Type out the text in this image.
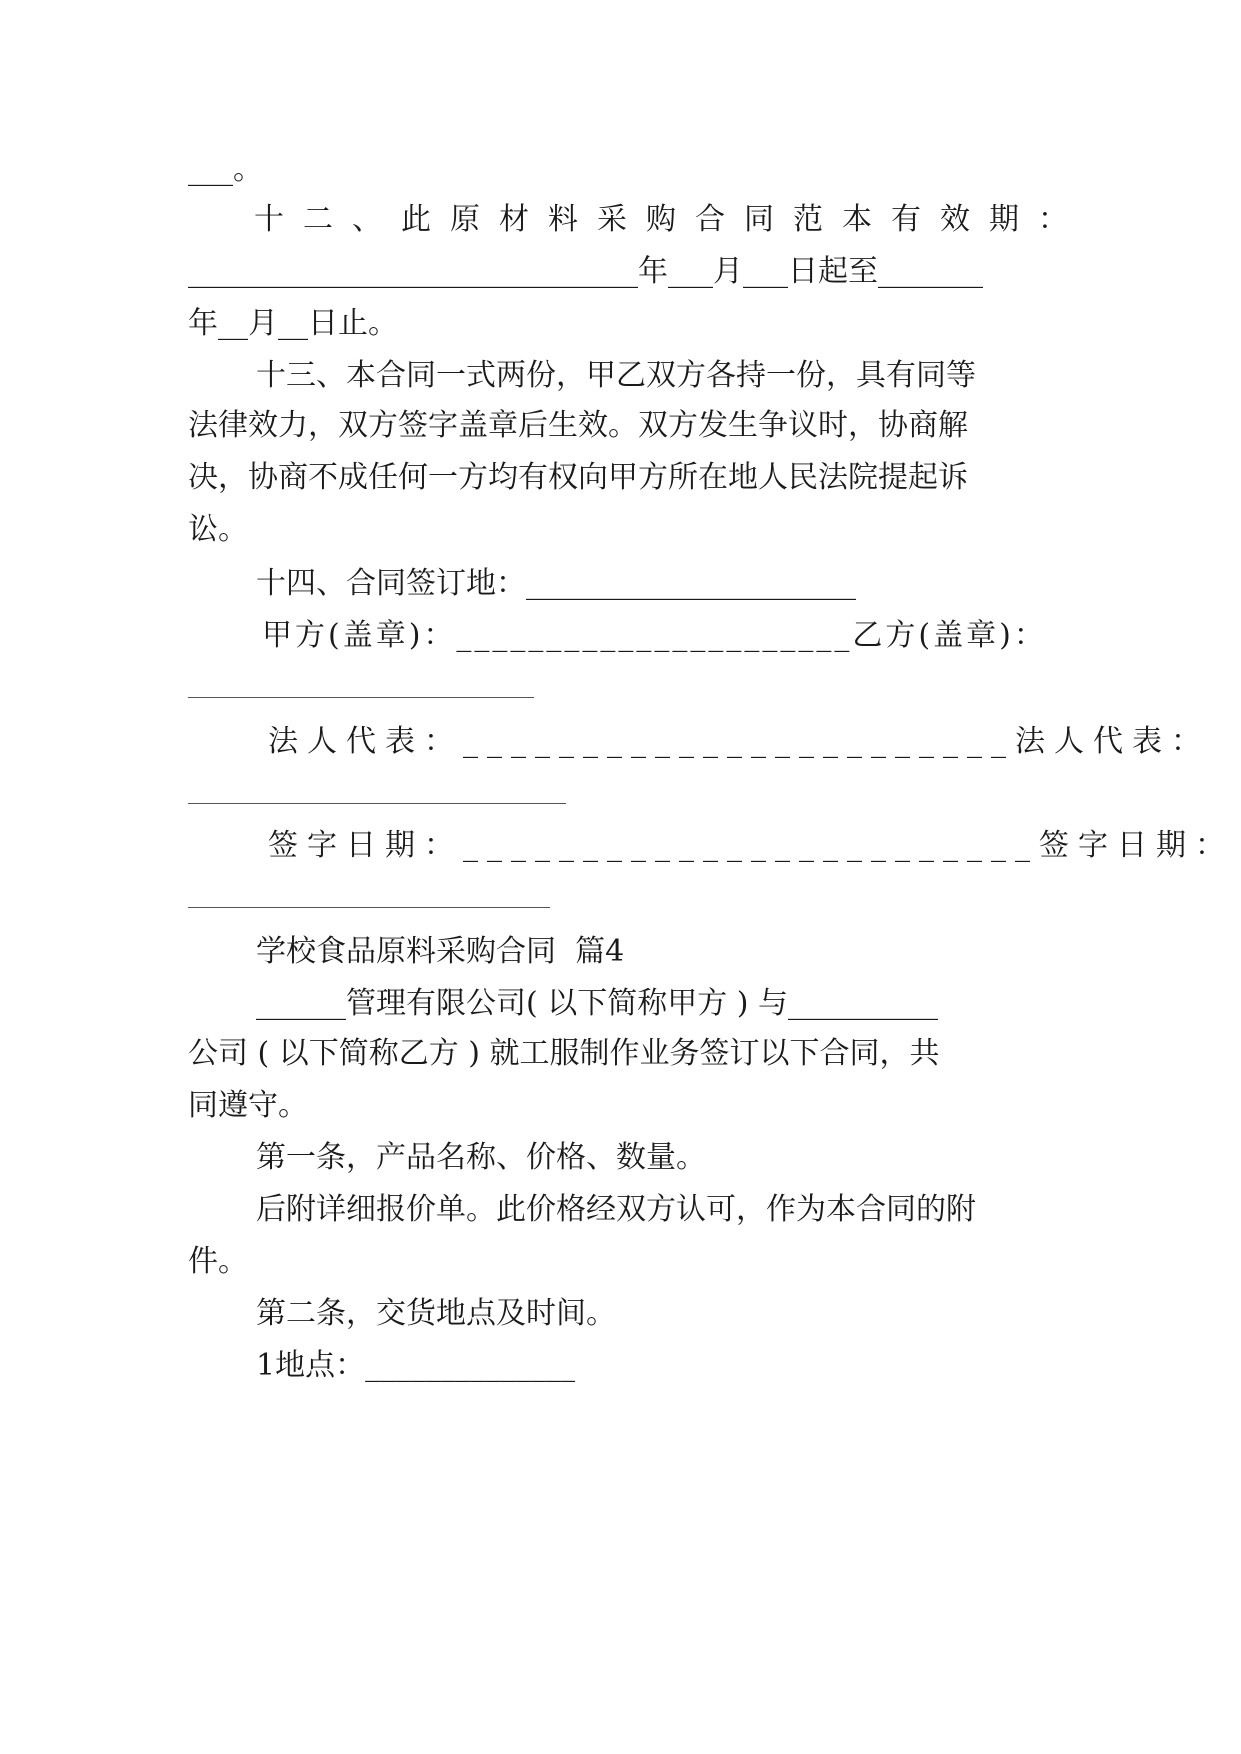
___。
十二、此原材料采购合同范本有效期：
______________________________年___月___日起至_______
年__月__日止。
十三、本合同一式两份，甲乙双方各持一份，具有同等
法律效力，双方签字盖章后生效。双方发生争议时，协商解
决，协商不成任何一方均有权向甲方所在地人民法院提起诉
讼。
十四、合同签订地：______________________
甲方(盖章)：______________________乙方(盖章)：
法人代表：_______________________法人代表：
签字日期：________________________签字日期：
学校食品原料采购合同  篇4
______管理有限公司( 以下简称甲方 ) 与__________
公司 ( 以下简称乙方 ) 就工服制作业务签订以下合同，共
同遵守。
第一条，产品名称、价格、数量。
后附详细报价单。此价格经双方认可，作为本合同的附
件。
第二条，交货地点及时间。
1地点：______________
